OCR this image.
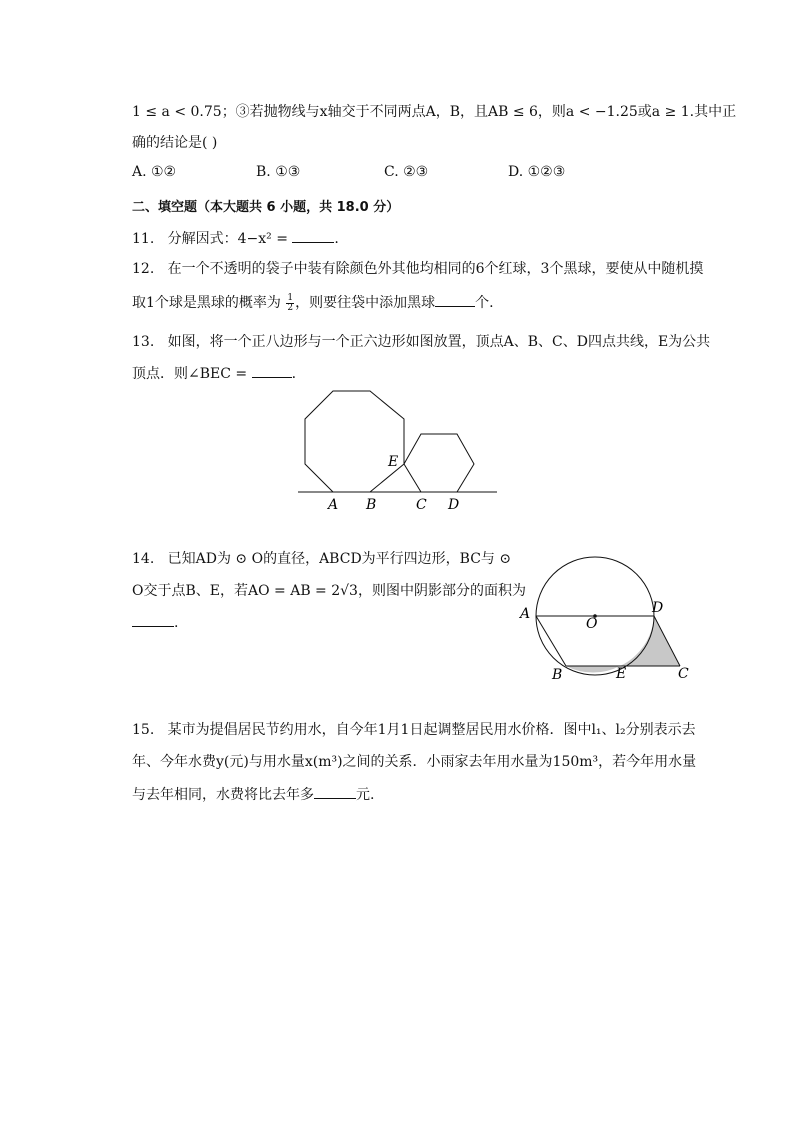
1 ≤ a < 0.75；③若抛物线与x轴交于不同两点A，B，且AB ≤ 6，则a < −1.25或a ≥ 1.其中正
确的结论是( )
A. ①②	B. ①③	C. ②③	D. ①②③
二、填空题（本大题共 6 小题，共 18.0 分）
11. 分解因式：4−x² =	.
12. 在一个不透明的袋子中装有除颜色外其他均相同的6个红球，3个黑球，要使从中随机摸
取1个球是黑球的概率为 $\frac{1}{2}$ ，则要往袋中添加黑球	个.
13. 如图，将一个正八边形与一个正六边形如图放置，顶点A、B、C、D四点共线，E为公共
顶点．则∠BEC =	.
E
A B	C D
14. 已知AD为 ⊙ O的直径，ABCD为平行四边形，BC与 ⊙
O交于点B、E，若AO = AB = 2√3，则图中阴影部分的面积为
.
A
O
D
B	E	C
15. 某市为提倡居民节约用水，自今年1月1日起调整居民用水价格．图中l₁、l₂分别表示去
年、今年水费y(元)与用水量x(m³)之间的关系．小雨家去年用水量为150m³，若今年用水量
与去年相同，水费将比去年多	元.
